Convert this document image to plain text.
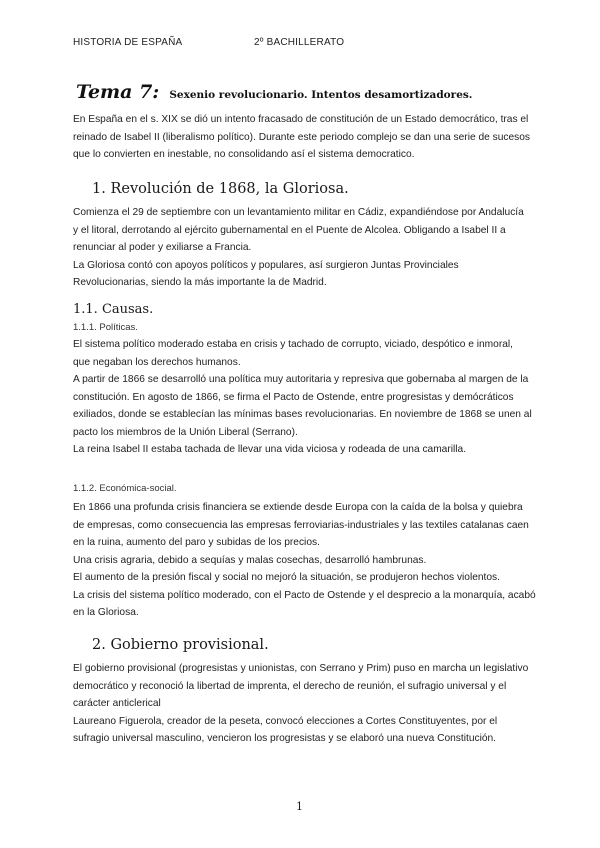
HISTORIA DE ESPAÑA	2º BACHILLERATO
Tema 7: Sexenio revolucionario. Intentos desamortizadores.
En España en el s. XIX se dió un intento fracasado de constitución de un Estado democrático, tras el
reinado de Isabel II (liberalismo político). Durante este periodo complejo se dan una serie de sucesos
que lo convierten en inestable, no consolidando así el sistema democratico.
1. Revolución de 1868, la Gloriosa.
Comienza el 29 de septiembre con un levantamiento militar en Cádiz, expandiéndose por Andalucía
y el litoral, derrotando al ejército gubernamental en el Puente de Alcolea. Obligando a Isabel II a
renunciar al poder y exiliarse a Francia.
La Gloriosa contó con apoyos políticos y populares, así surgieron Juntas Provinciales
Revolucionarias, siendo la más importante la de Madrid.
1.1. Causas.
1.1.1. Políticas.
El sistema político moderado estaba en crisis y tachado de corrupto, viciado, despótico e inmoral,
que negaban los derechos humanos.
A partir de 1866 se desarrolló una política muy autoritaria y represiva que gobernaba al margen de la
constitución. En agosto de 1866, se firma el Pacto de Ostende, entre progresistas y demócráticos
exiliados, donde se establecían las mínimas bases revolucionarias. En noviembre de 1868 se unen al
pacto los miembros de la Unión Liberal (Serrano).
La reina Isabel II estaba tachada de llevar una vida viciosa y rodeada de una camarilla.
1.1.2. Económica-social.
En 1866 una profunda crisis financiera se extiende desde Europa con la caída de la bolsa y quiebra
de empresas, como consecuencia las empresas ferroviarias-industriales y las textiles catalanas caen
en la ruina, aumento del paro y subidas de los precios.
Una crisis agraria, debido a sequías y malas cosechas, desarrolló hambrunas.
El aumento de la presión fiscal y social no mejoró la situación, se produjeron hechos violentos.
La crisis del sistema político moderado, con el Pacto de Ostende y el desprecio a la monarquía, acabó
en la Gloriosa.
2. Gobierno provisional.
El gobierno provisional (progresistas y unionistas, con Serrano y Prim) puso en marcha un legislativo
democrático y reconoció la libertad de imprenta, el derecho de reunión, el sufragio universal y el
carácter anticlerical
Laureano Figuerola, creador de la peseta, convocó elecciones a Cortes Constituyentes, por el
sufragio universal masculino, vencieron los progresistas y se elaboró una nueva Constitución.
1
